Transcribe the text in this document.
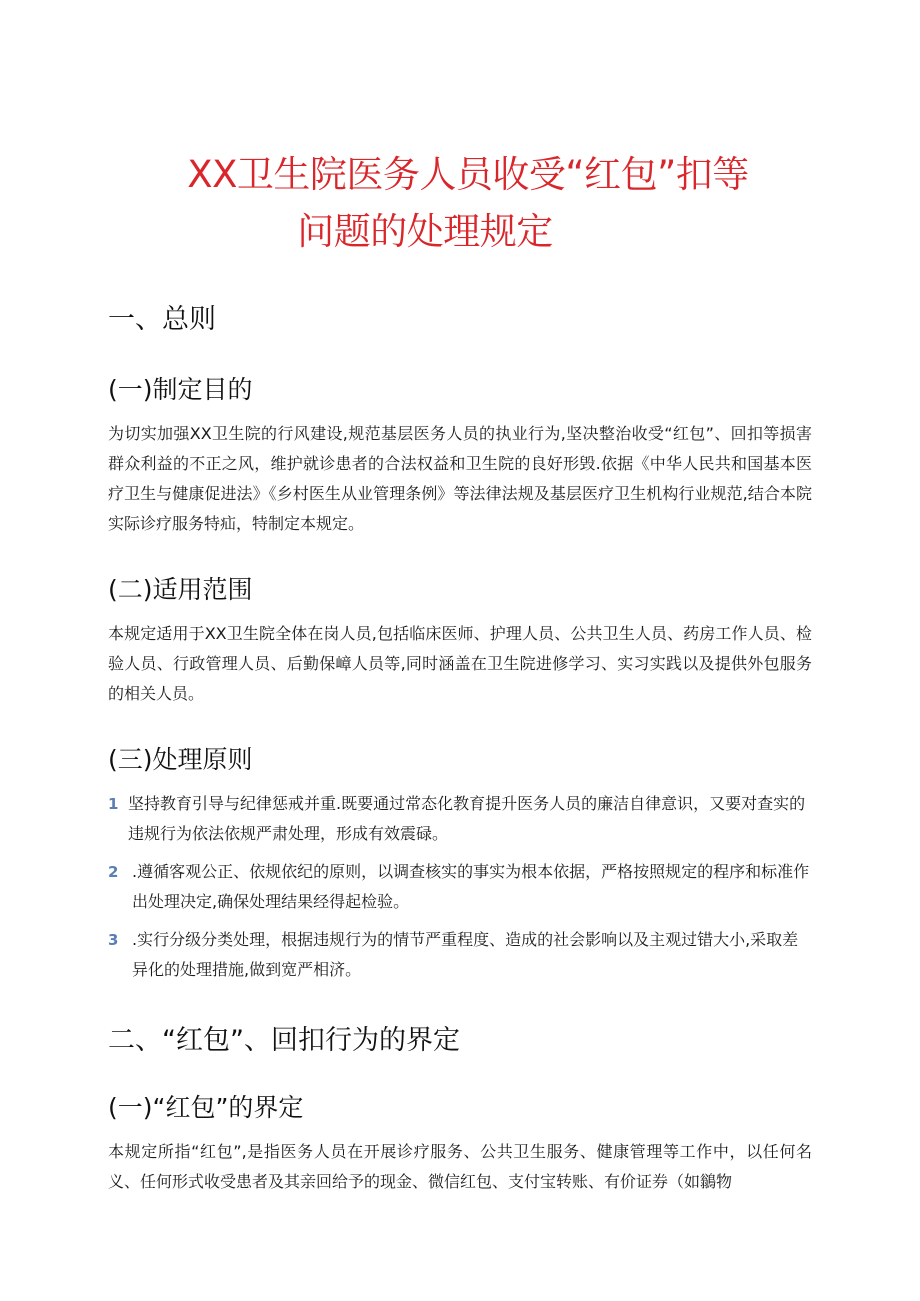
XX卫生院医务人员收受“红包”扣等
问题的处理规定
一、总则
(一)制定目的

为切实加强XX卫生院的行风建设,规范基层医务人员的执业行为,坚决整治收受“红包”、回扣等损害群众利益的不正之风，维护就诊患者的合法权益和卫生院的良好形毁.依据《中华人民共和国基本医疗卫生与健康促进法》《乡村医生从业管理条例》等法律法规及基层医疗卫生机构行业规范,结合本院实际诊疗服务特疝，特制定本规定。

(二)适用范围

本规定适用于XX卫生院全体在岗人员,包括临床医师、护理人员、公共卫生人员、药房工作人员、检验人员、行政管理人员、后勤保嶂人员等,同时涵盖在卫生院进修学习、实习实践以及提供外包服务的相关人员。

(三)处理原则
1 坚持教育引导与纪律惩戒并重.既要通过常态化教育提升医务人员的廉洁自律意识，又要对查实的违规行为依法依规严肃处理，形成有效震碌。
2 .遵循客观公正、依规依纪的原则，以调查核实的事实为根本依据，严格按照规定的程序和标准作出处理决定,确保处理结果经得起检验。
3 .实行分级分类处理，根据违规行为的情节严重程度、造成的社会影响以及主观过错大小,采取差异化的处理措施,做到宽严相济。
二、“红包”、回扣行为的界定
(一)“红包”的界定

本规定所指“红包”,是指医务人员在开展诊疗服务、公共卫生服务、健康管理等工作中，以任何名义、任何形式收受患者及其亲回给予的现金、微信红包、支付宝转账、有价证券（如鶲物
